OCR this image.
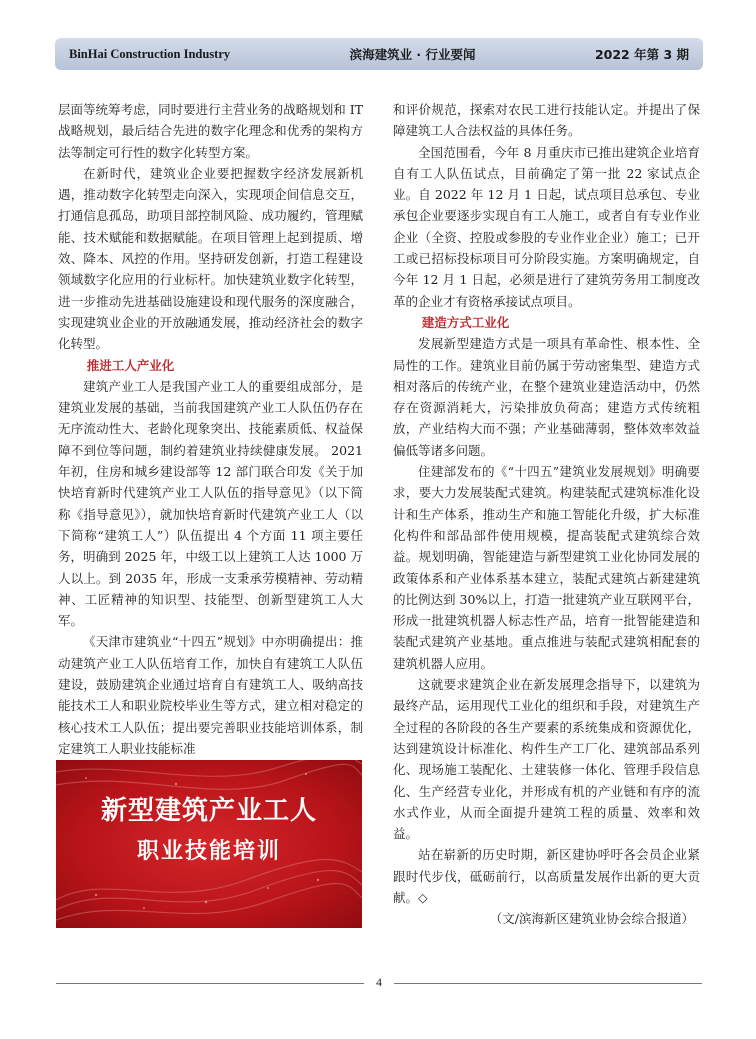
BinHai Construction Industry	滨海建筑业 · 行业要闻	2022 年第 3 期

层面等统筹考虑，同时要进行主营业务的战略规划和 IT 战略规划，最后结合先进的数字化理念和优秀的架构方法等制定可行性的数字化转型方案。

在新时代，建筑业企业要把握数字经济发展新机遇，推动数字化转型走向深入，实现项企间信息交互，打通信息孤岛，助项目部控制风险、成功履约，管理赋能、技术赋能和数据赋能。在项目管理上起到提质、增效、降本、风控的作用。坚持研发创新，打造工程建设领域数字化应用的行业标杆。加快建筑业数字化转型，进一步推动先进基础设施建设和现代服务的深度融合，实现建筑业企业的开放融通发展，推动经济社会的数字化转型。

推进工人产业化

建筑产业工人是我国产业工人的重要组成部分，是建筑业发展的基础，当前我国建筑产业工人队伍仍存在无序流动性大、老龄化现象突出、技能素质低、权益保障不到位等问题，制约着建筑业持续健康发展。 2021 年初，住房和城乡建设部等 12 部门联合印发《关于加快培育新时代建筑产业工人队伍的指导意见》（以下简称《指导意见》），就加快培育新时代建筑产业工人（以下简称“建筑工人”）队伍提出 4 个方面 11 项主要任务，明确到 2025 年，中级工以上建筑工人达 1000 万人以上。到 2035 年，形成一支秉承劳模精神、劳动精神、工匠精神的知识型、技能型、创新型建筑工人大军。

《天津市建筑业“十四五”规划》中亦明确提出：推动建筑产业工人队伍培育工作，加快自有建筑工人队伍建设，鼓励建筑企业通过培育自有建筑工人、吸纳高技能技术工人和职业院校毕业生等方式，建立相对稳定的核心技术工人队伍；提出要完善职业技能培训体系，制定建筑工人职业技能标准

新型建筑产业工人
职业技能培训

和评价规范，探索对农民工进行技能认定。并提出了保障建筑工人合法权益的具体任务。

全国范围看，今年 8 月重庆市已推出建筑企业培育自有工人队伍试点，目前确定了第一批 22 家试点企业。自 2022 年 12 月 1 日起，试点项目总承包、专业承包企业要逐步实现自有工人施工，或者自有专业作业企业（全资、控股或参股的专业作业企业）施工；已开工或已招标投标项目可分阶段实施。方案明确规定，自今年 12 月 1 日起，必须是进行了建筑劳务用工制度改革的企业才有资格承接试点项目。

建造方式工业化

发展新型建造方式是一项具有革命性、根本性、全局性的工作。建筑业目前仍属于劳动密集型、建造方式相对落后的传统产业，在整个建筑业建造活动中，仍然存在资源消耗大，污染排放负荷高；建造方式传统粗放，产业结构大而不强；产业基础薄弱，整体效率效益偏低等诸多问题。

住建部发布的《“十四五”建筑业发展规划》明确要求，要大力发展装配式建筑。构建装配式建筑标准化设计和生产体系，推动生产和施工智能化升级，扩大标准化构件和部品部件使用规模，提高装配式建筑综合效益。规划明确，智能建造与新型建筑工业化协同发展的政策体系和产业体系基本建立，装配式建筑占新建建筑的比例达到 30%以上，打造一批建筑产业互联网平台，形成一批建筑机器人标志性产品，培育一批智能建造和装配式建筑产业基地。重点推进与装配式建筑相配套的建筑机器人应用。

这就要求建筑企业在新发展理念指导下，以建筑为最终产品，运用现代工业化的组织和手段，对建筑生产全过程的各阶段的各生产要素的系统集成和资源优化，达到建筑设计标准化、构件生产工厂化、建筑部品系列化、现场施工装配化、土建装修一体化、管理手段信息化、生产经营专业化，并形成有机的产业链和有序的流水式作业，从而全面提升建筑工程的质量、效率和效益。

站在崭新的历史时期，新区建协呼吁各会员企业紧跟时代步伐，砥砺前行，以高质量发展作出新的更大贡献。◇

（文/滨海新区建筑业协会综合报道）
4
